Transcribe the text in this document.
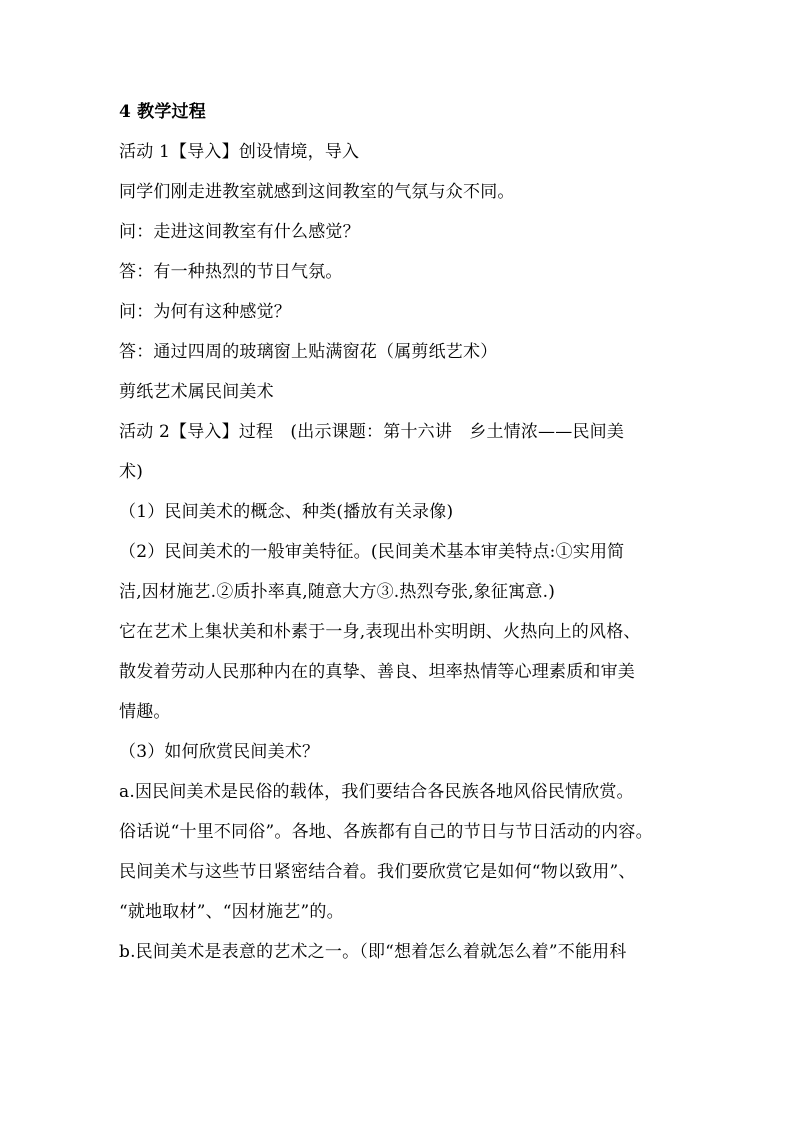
4 教学过程
活动 1【导入】创设情境，导入
同学们刚走进教室就感到这间教室的气氛与众不同。
问：走进这间教室有什么感觉？
答：有一种热烈的节日气氛。
问：为何有这种感觉？
答：通过四周的玻璃窗上贴满窗花（属剪纸艺术）
剪纸艺术属民间美术
活动 2【导入】过程　(出示课题：第十六讲　乡土情浓——民间美
术)
（1）民间美术的概念、种类(播放有关录像)
（2）民间美术的一般审美特征。(民间美术基本审美特点:①实用简
洁,因材施艺.②质扑率真,随意大方③.热烈夸张,象征寓意.)
它在艺术上集状美和朴素于一身,表现出朴实明朗、火热向上的风格、
散发着劳动人民那种内在的真挚、善良、坦率热情等心理素质和审美
情趣。
（3）如何欣赏民间美术？
a.因民间美术是民俗的载体，我们要结合各民族各地风俗民情欣赏。
俗话说“十里不同俗”。各地、各族都有自己的节日与节日活动的内容。
民间美术与这些节日紧密结合着。我们要欣赏它是如何“物以致用”、
“就地取材”、“因材施艺”的。
b.民间美术是表意的艺术之一。（即“想着怎么着就怎么着”不能用科
